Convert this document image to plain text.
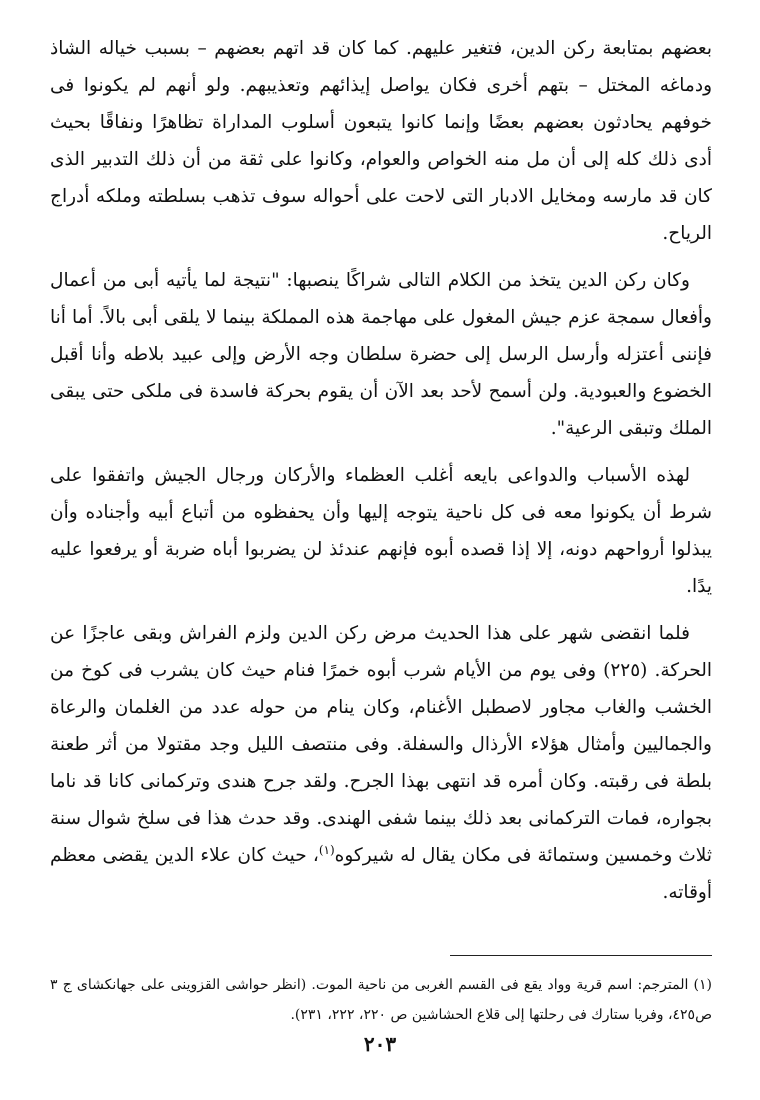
بعضهم بمتابعة ركن الدين، فتغير عليهم. كما كان قد اتهم بعضهم – بسبب خياله الشاذ ودماغه المختل – بتهم أخرى فكان يواصل إيذائهم وتعذيبهم. ولو أنهم لم يكونوا فى خوفهم يحادثون بعضهم بعضًا وإنما كانوا يتبعون أسلوب المداراة تظاهرًا ونفاقًا بحيث أدى ذلك كله إلى أن مل منه الخواص والعوام، وكانوا على ثقة من أن ذلك التدبير الذى كان قد مارسه ومخايل الادبار التى لاحت على أحواله سوف تذهب بسلطته وملكه أدراج الرياح.

وكان ركن الدين يتخذ من الكلام التالى شراكًا ينصبها: "نتيجة لما يأتيه أبى من أعمال وأفعال سمجة عزم جيش المغول على مهاجمة هذه المملكة بينما لا يلقى أبى بالاً. أما أنا فإننى أعتزله وأرسل الرسل إلى حضرة سلطان وجه الأرض وإلى عبيد بلاطه وأنا أقبل الخضوع والعبودية. ولن أسمح لأحد بعد الآن أن يقوم بحركة فاسدة فى ملكى حتى يبقى الملك وتبقى الرعية".

لهذه الأسباب والدواعى بايعه أغلب العظماء والأركان ورجال الجيش واتفقوا على شرط أن يكونوا معه فى كل ناحية يتوجه إليها وأن يحفظوه من أتباع أبيه وأجناده وأن يبذلوا أرواحهم دونه، إلا إذا قصده أبوه فإنهم عندئذ لن يضربوا أباه ضربة أو يرفعوا عليه يدًا.

فلما انقضى شهر على هذا الحديث مرض ركن الدين ولزم الفراش وبقى عاجزًا عن الحركة. (٢٢٥) وفى يوم من الأيام شرب أبوه خمرًا فنام حيث كان يشرب فى كوخ من الخشب والغاب مجاور لاصطبل الأغنام، وكان ينام من حوله عدد من الغلمان والرعاة والجماليين وأمثال هؤلاء الأرذال والسفلة. وفى منتصف الليل وجد مقتولا من أثر طعنة بلطة فى رقبته. وكان أمره قد انتهى بهذا الجرح. ولقد جرح هندى وتركمانى كانا قد ناما بجواره، فمات التركمانى بعد ذلك بينما شفى الهندى. وقد حدث هذا فى سلخ شوال سنة ثلاث وخمسين وستمائة فى مكان يقال له شيركوه$^{(١)}$، حيث كان علاء الدين يقضى معظم أوقاته.

(١) المترجم: اسم قرية وواد يقع فى القسم الغربى من ناحية الموت. (انظر حواشى القزوينى على جهانكشاى ج ٣ ص٤٢٥، وفريا ستارك فى رحلتها إلى قلاع الحشاشين ص ٢٢٠، ٢٢٢، ٢٣١).

٢٠٣
